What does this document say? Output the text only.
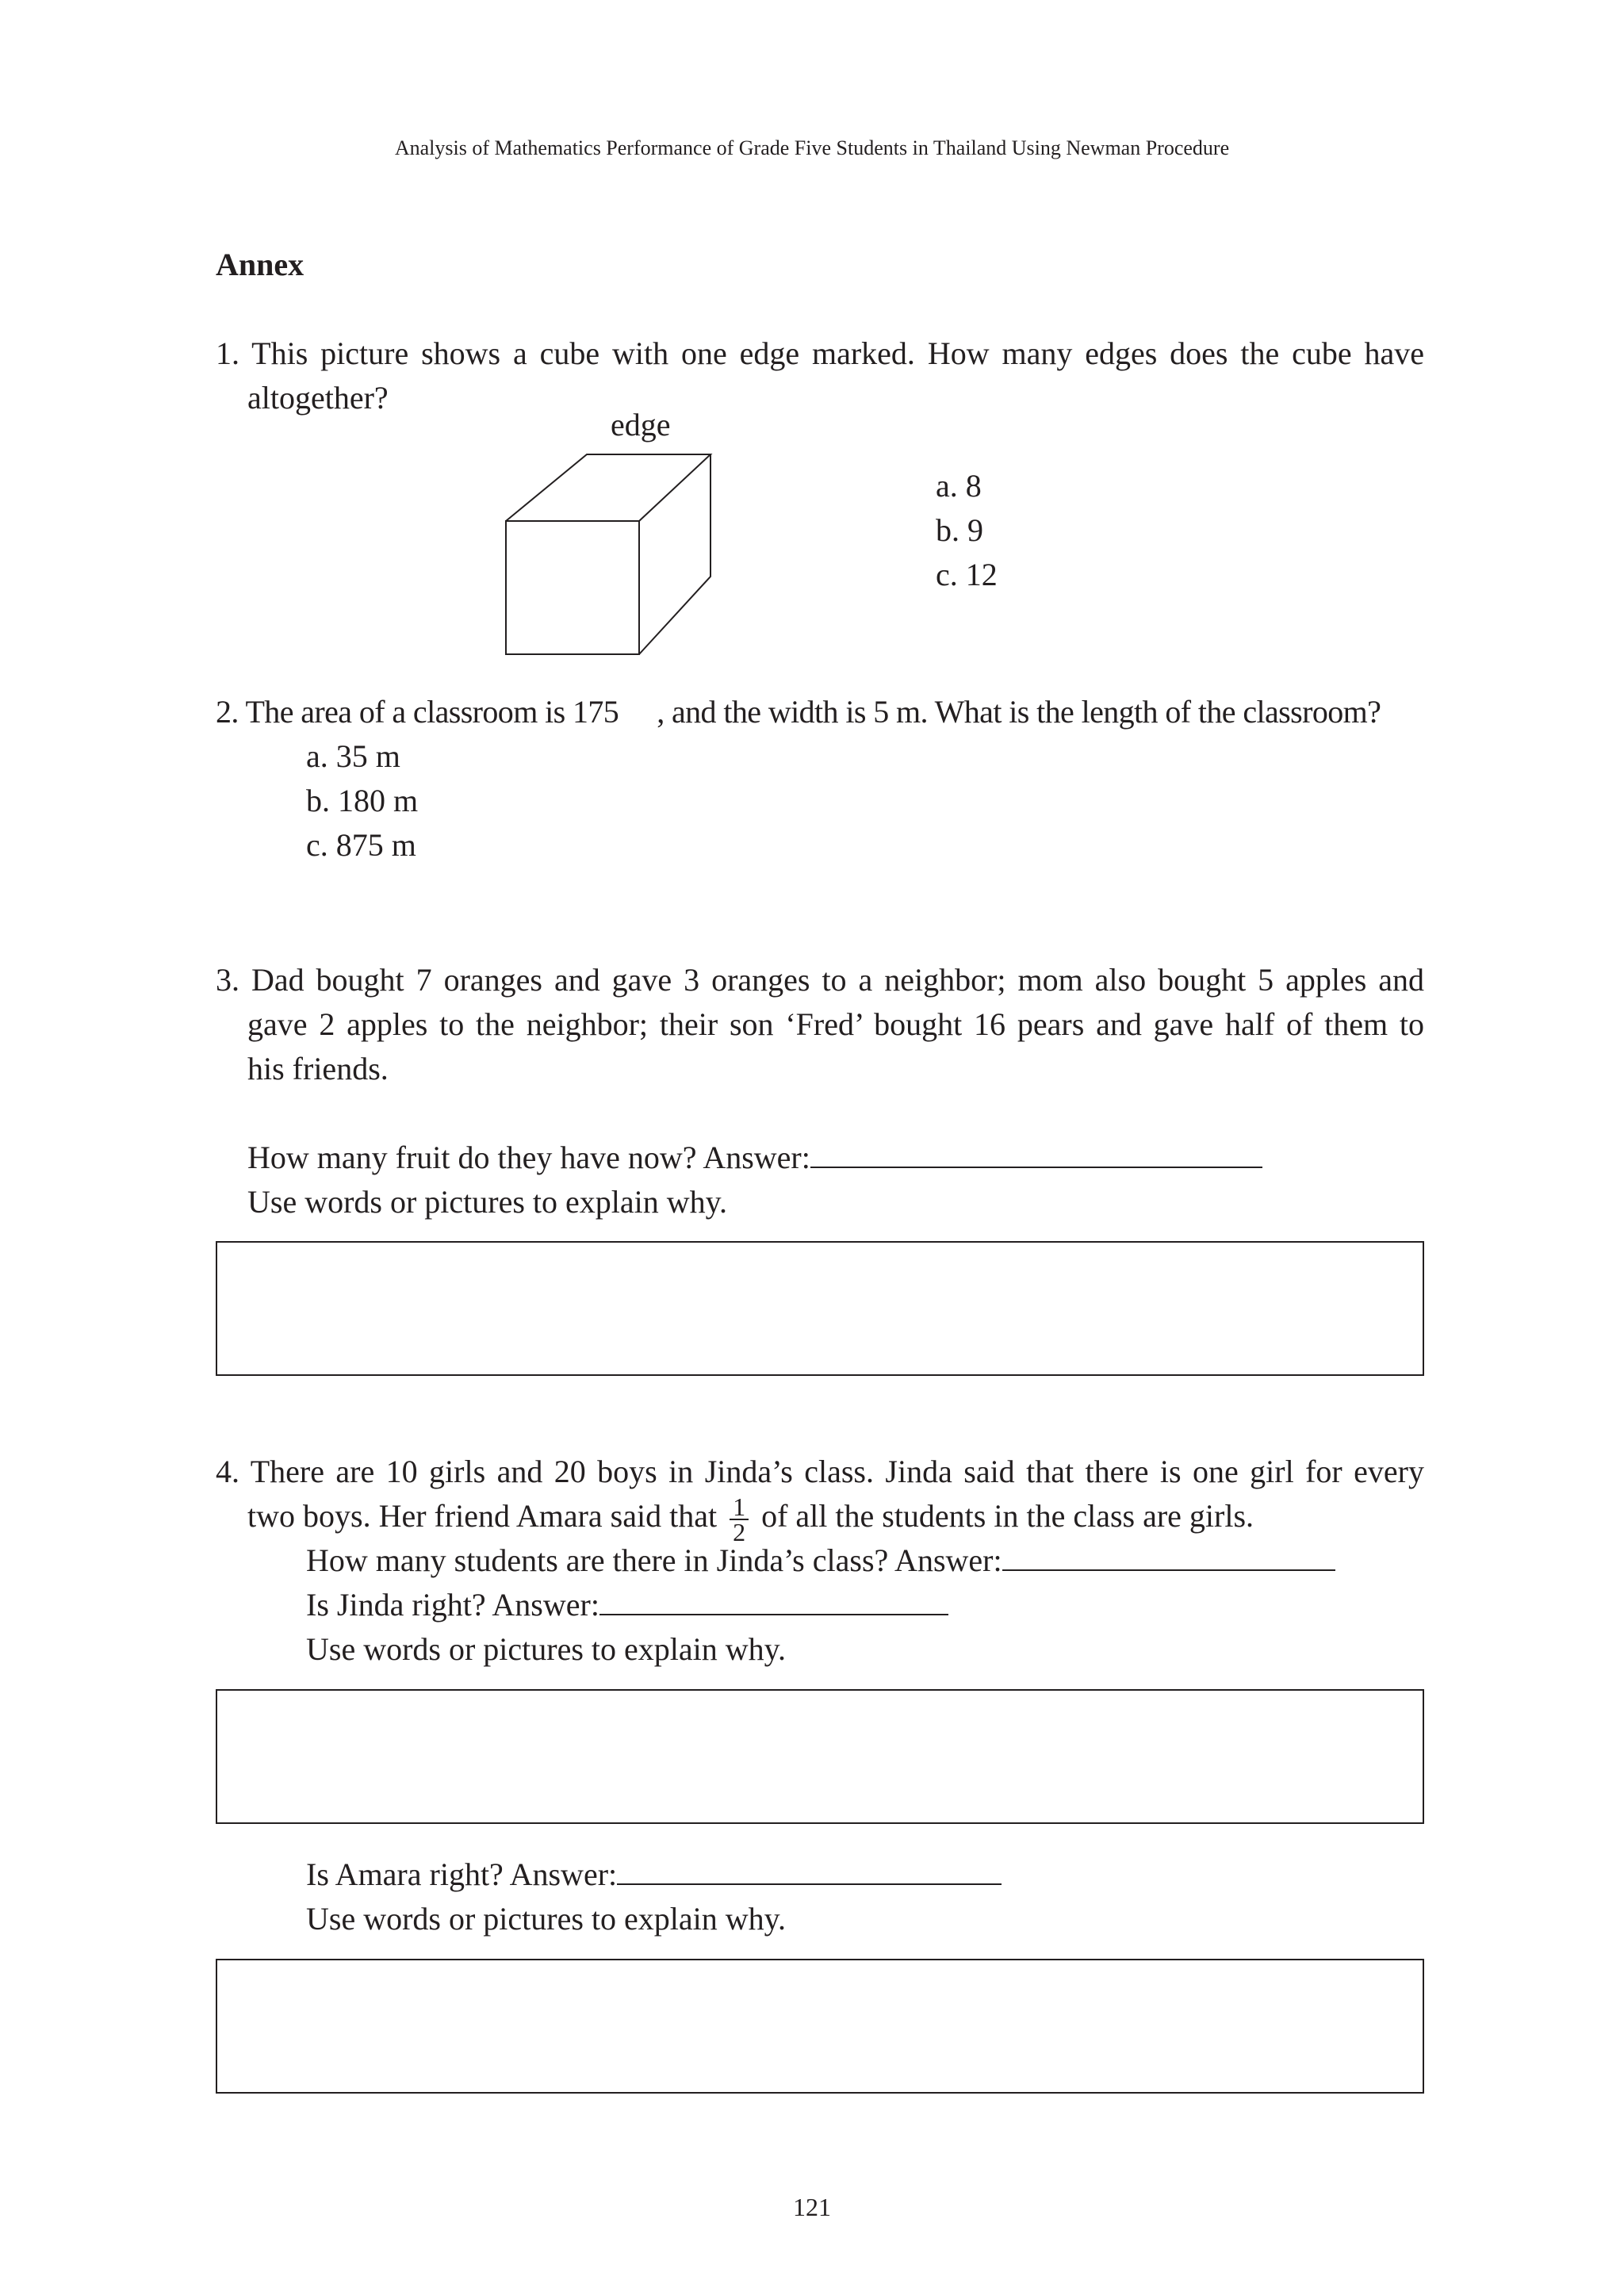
Analysis of Mathematics Performance of Grade Five Students in Thailand Using Newman Procedure
Annex
1. This picture shows a cube with one edge marked. How many edges does the cube have
altogether?
edge
a. 8
b. 9
c. 12
2. The area of a classroom is 175 , and the width is 5 m. What is the length of the classroom?
a. 35 m
b. 180 m
c. 875 m
3. Dad bought 7 oranges and gave 3 oranges to a neighbor; mom also bought 5 apples and
gave 2 apples to the neighbor; their son ‘Fred’ bought 16 pears and gave half of them to
his friends.
How many fruit do they have now? Answer:
Use words or pictures to explain why.
4. There are 10 girls and 20 boys in Jinda’s class. Jinda said that there is one girl for every
two boys. Her friend Amara said that $\frac{1}{2}$ of all the students in the class are girls.
How many students are there in Jinda’s class? Answer:
Is Jinda right? Answer:
Use words or pictures to explain why.
Is Amara right? Answer:
Use words or pictures to explain why.
121
